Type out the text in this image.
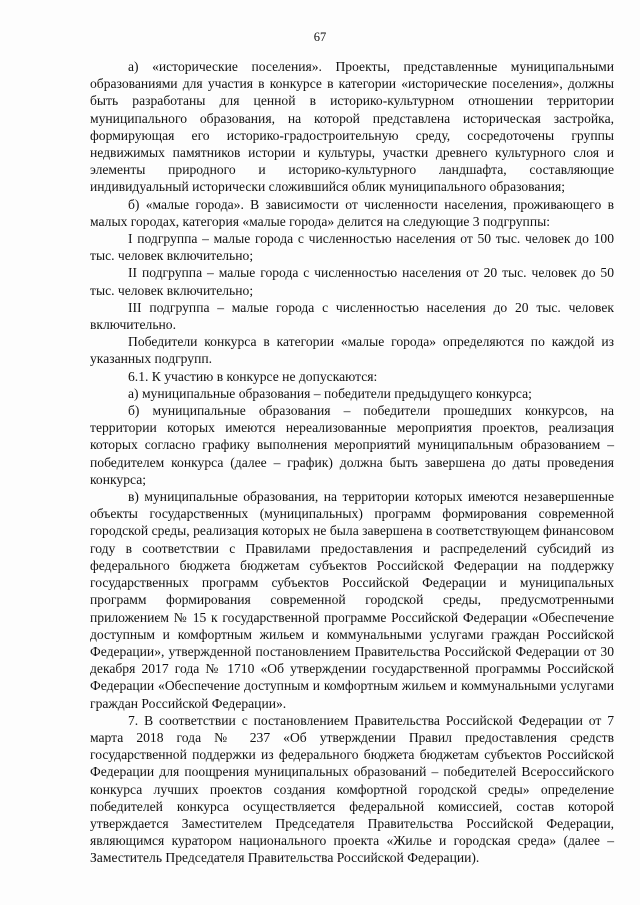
67

а) «исторические поселения». Проекты, представленные муниципальными образованиями для участия в конкурсе в категории «исторические поселения», должны быть разработаны для ценной в историко-культурном отношении территории муниципального образования, на которой представлена историческая застройка, формирующая его историко-градостроительную среду, сосредоточены группы недвижимых памятников истории и культуры, участки древнего культурного слоя и элементы природного и историко-культурного ландшафта, составляющие индивидуальный исторически сложившийся облик муниципального образования;

б) «малые города». В зависимости от численности населения, проживающего в малых городах, категория «малые города» делится на следующие 3 подгруппы:

I подгруппа – малые города с численностью населения от 50 тыс. человек до 100 тыс. человек включительно;

II подгруппа – малые города с численностью населения от 20 тыс. человек до 50 тыс. человек включительно;

III подгруппа – малые города с численностью населения до 20 тыс. человек включительно.

Победители конкурса в категории «малые города» определяются по каждой из указанных подгрупп.

6.1. К участию в конкурсе не допускаются:

а) муниципальные образования – победители предыдущего конкурса;

б) муниципальные образования – победители прошедших конкурсов, на территории которых имеются нереализованные мероприятия проектов, реализация которых согласно графику выполнения мероприятий муниципальным образованием – победителем конкурса (далее – график) должна быть завершена до даты проведения конкурса;

в) муниципальные образования, на территории которых имеются незавершенные объекты государственных (муниципальных) программ формирования современной городской среды, реализация которых не была завершена в соответствующем финансовом году в соответствии с Правилами предоставления и распределений субсидий из федерального бюджета бюджетам субъектов Российской Федерации на поддержку государственных программ субъектов Российской Федерации и муниципальных программ формирования современной городской среды, предусмотренными приложением № 15 к государственной программе Российской Федерации «Обеспечение доступным и комфортным жильем и коммунальными услугами граждан Российской Федерации», утвержденной постановлением Правительства Российской Федерации от 30 декабря 2017 года № 1710 «Об утверждении государственной программы Российской Федерации «Обеспечение доступным и комфортным жильем и коммунальными услугами граждан Российской Федерации».

7. В соответствии с постановлением Правительства Российской Федерации от 7 марта 2018 года № 237 «Об утверждении Правил предоставления средств государственной поддержки из федерального бюджета бюджетам субъектов Российской Федерации для поощрения муниципальных образований – победителей Всероссийского конкурса лучших проектов создания комфортной городской среды» определение победителей конкурса осуществляется федеральной комиссией, состав которой утверждается Заместителем Председателя Правительства Российской Федерации, являющимся куратором национального проекта «Жилье и городская среда» (далее – Заместитель Председателя Правительства Российской Федерации).
